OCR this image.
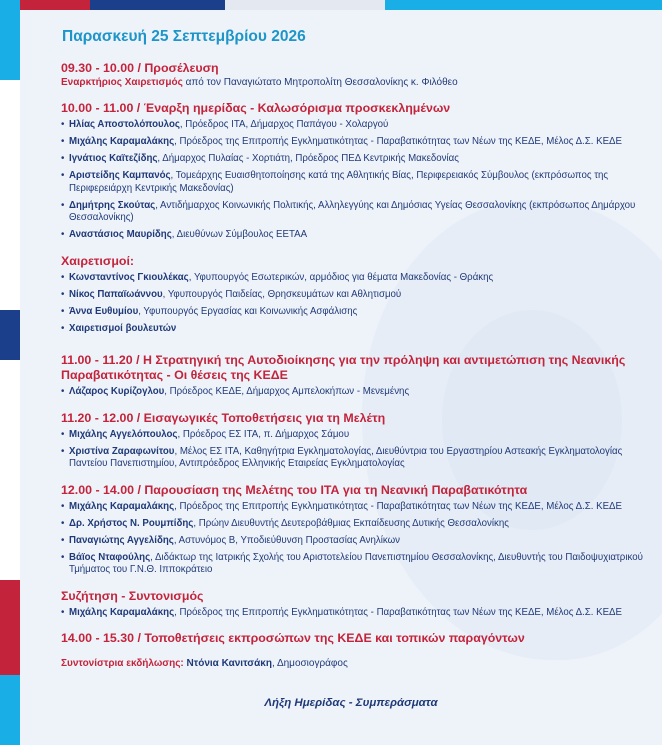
Παρασκευή 25 Σεπτεμβρίου 2026
09.30 - 10.00 / Προσέλευση
Εναρκτήριος Χαιρετισμός από τον Παναγιώτατο Μητροπολίτη Θεσσαλονίκης κ. Φιλόθεο
10.00 - 11.00 / Έναρξη ημερίδας - Καλωσόρισμα προσκεκλημένων
• Ηλίας Αποστολόπουλος, Πρόεδρος ΙΤΑ, Δήμαρχος Παπάγου - Χολαργού
• Μιχάλης Καραμαλάκης, Πρόεδρος της Επιτροπής Εγκληματικότητας - Παραβατικότητας των Νέων της ΚΕΔΕ, Μέλος Δ.Σ. ΚΕΔΕ
• Ιγνάτιος Καϊτεζίδης, Δήμαρχος Πυλαίας - Χορτιάτη, Πρόεδρος ΠΕΔ Κεντρικής Μακεδονίας
• Αριστείδης Καμπανός, Τομεάρχης Ευαισθητοποίησης κατά της Αθλητικής Βίας, Περιφερειακός Σύμβουλος (εκπρόσωπος της Περιφερειάρχη Κεντρικής Μακεδονίας)
• Δημήτρης Σκούτας, Αντιδήμαρχος Κοινωνικής Πολιτικής, Αλληλεγγύης και Δημόσιας Υγείας Θεσσαλονίκης (εκπρόσωπος Δημάρχου Θεσσαλονίκης)
• Αναστάσιος Μαυρίδης, Διευθύνων Σύμβουλος ΕΕΤΑΑ
Χαιρετισμοί:
• Κωνσταντίνος Γκιουλέκας, Υφυπουργός Εσωτερικών, αρμόδιος για θέματα Μακεδονίας - Θράκης
• Νίκος Παπαϊωάννου, Υφυπουργός Παιδείας, Θρησκευμάτων και Αθλητισμού
• Άννα Ευθυμίου, Υφυπουργός Εργασίας και Κοινωνικής Ασφάλισης
• Χαιρετισμοί βουλευτών
11.00 - 11.20 / Η Στρατηγική της Αυτοδιοίκησης για την πρόληψη και αντιμετώπιση της Νεανικής Παραβατικότητας - Οι θέσεις της ΚΕΔΕ
• Λάζαρος Κυρίζογλου, Πρόεδρος ΚΕΔΕ, Δήμαρχος Αμπελοκήπων - Μενεμένης
11.20 - 12.00 / Εισαγωγικές Τοποθετήσεις για τη Μελέτη
• Μιχάλης Αγγελόπουλος, Πρόεδρος ΕΣ ΙΤΑ, π. Δήμαρχος Σάμου
• Χριστίνα Ζαραφωνίτου, Μέλος ΕΣ ΙΤΑ, Καθηγήτρια Εγκληματολογίας, Διευθύντρια του Εργαστηρίου Αστεακής Εγκληματολογίας Παντείου Πανεπιστημίου, Αντιπρόεδρος Ελληνικής Εταιρείας Εγκληματολογίας
12.00 - 14.00 / Παρουσίαση της Μελέτης του ΙΤΑ για τη Νεανική Παραβατικότητα
• Μιχάλης Καραμαλάκης, Πρόεδρος της Επιτροπής Εγκληματικότητας - Παραβατικότητας των Νέων της ΚΕΔΕ, Μέλος Δ.Σ. ΚΕΔΕ
• Δρ. Χρήστος Ν. Ρουμπίδης, Πρώην Διευθυντής Δευτεροβάθμιας Εκπαίδευσης Δυτικής Θεσσαλονίκης
• Παναγιώτης Αγγελίδης, Αστυνόμος Β, Υποδιεύθυνση Προστασίας Ανηλίκων
• Βάϊος Νταφούλης, Διδάκτωρ της Ιατρικής Σχολής του Αριστοτελείου Πανεπιστημίου Θεσσαλονίκης, Διευθυντής του Παιδοψυχιατρικού Τμήματος του Γ.Ν.Θ. Ιπποκράτειο
Συζήτηση - Συντονισμός
• Μιχάλης Καραμαλάκης, Πρόεδρος της Επιτροπής Εγκληματικότητας - Παραβατικότητας των Νέων της ΚΕΔΕ, Μέλος Δ.Σ. ΚΕΔΕ
14.00 - 15.30 / Τοποθετήσεις εκπροσώπων της ΚΕΔΕ και τοπικών παραγόντων
Συντονίστρια εκδήλωσης: Ντόνια Κανιτσάκη, Δημοσιογράφος
Λήξη Ημερίδας - Συμπεράσματα
